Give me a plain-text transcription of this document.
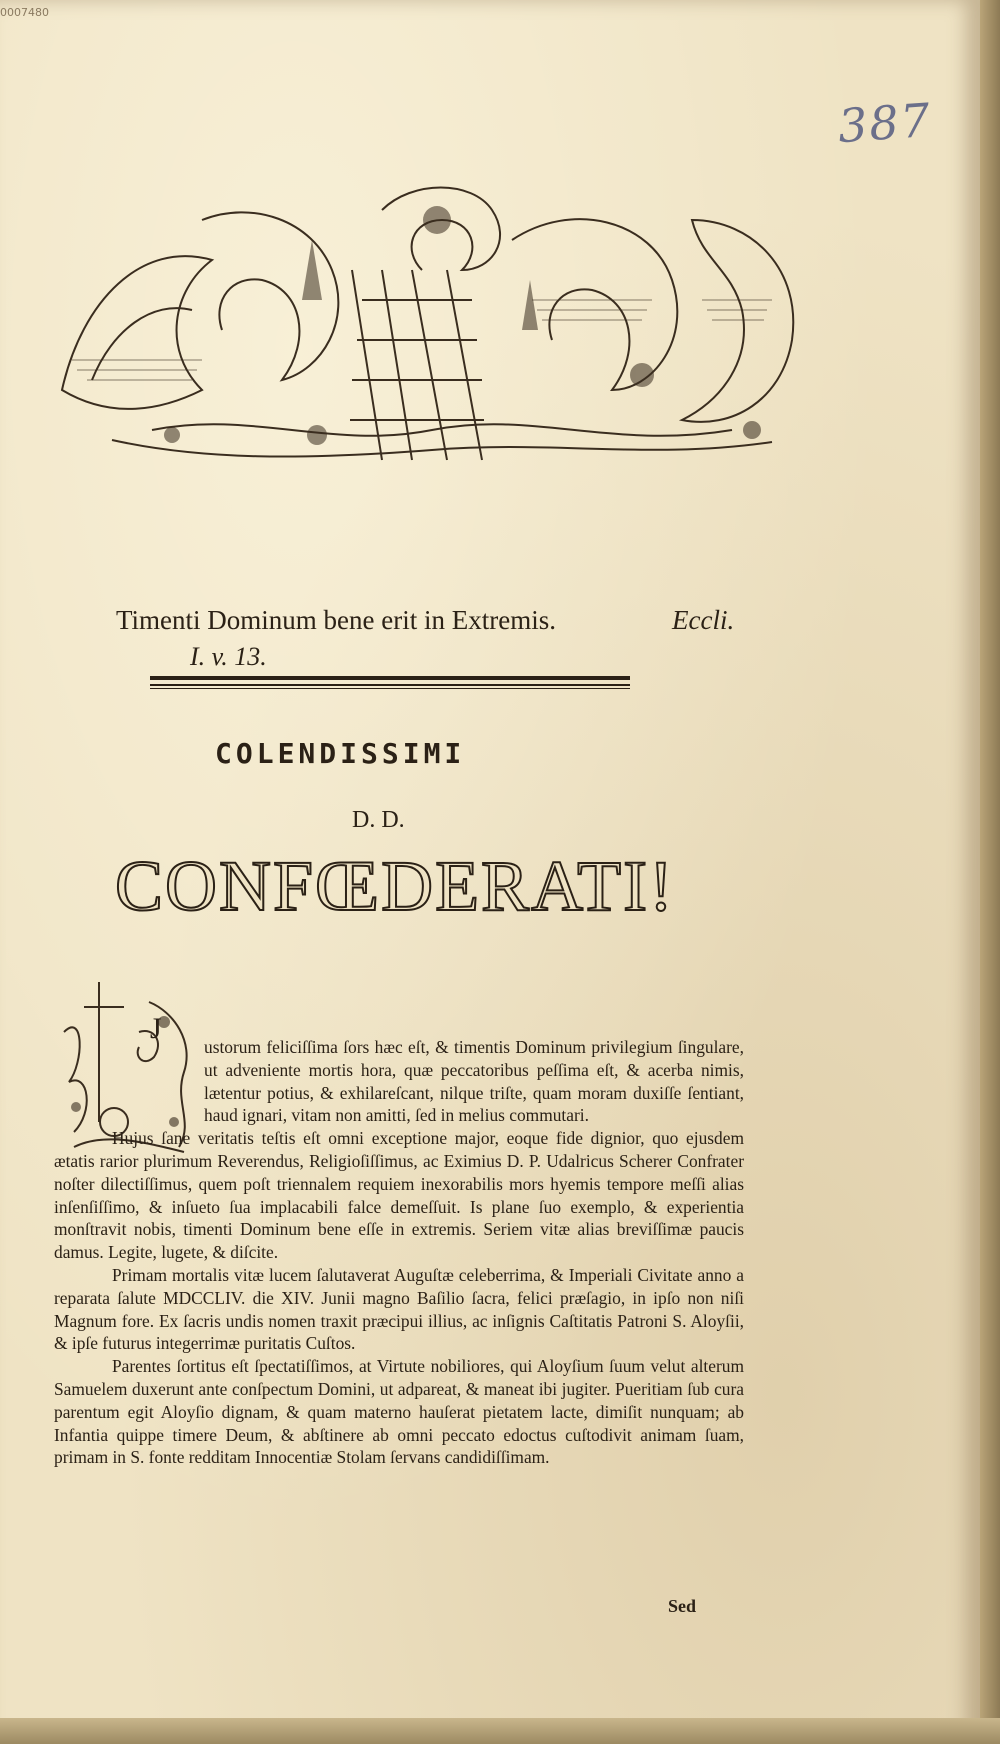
0007480
387
Timenti Dominum bene erit in Extremis.	Eccli.
I. v. 13.
COLENDISSIMI
D. D.
CONFŒDERATI!
J

ustorum feliciſſima ſors hæc eſt, & timentis Dominum privilegium ſingulare, ut adveniente mortis hora, quæ peccatoribus peſſima eſt, & acerba nimis, lætentur potius, & exhilareſcant, nilque triſte, quam moram duxiſſe ſentiant, haud ignari, vitam non amitti, ſed in melius commutari.

Hujus ſane veritatis teſtis eſt omni exceptione major, eoque fide dignior, quo ejusdem ætatis rarior plurimum Reverendus, Religioſiſſimus, ac Eximius D. P. Udalricus Scherer Confrater noſter dilectiſſimus, quem poſt triennalem requiem inexorabilis mors hyemis tempore meſſi alias inſenſiſſimo, & inſueto ſua implacabili falce demeſſuit. Is plane ſuo exemplo, & experientia monſtravit nobis, timenti Dominum bene eſſe in extremis. Seriem vitæ alias breviſſimæ paucis damus. Legite, lugete, & diſcite.

Primam mortalis vitæ lucem ſalutaverat Auguſtæ celeberrima, & Imperiali Civitate anno a reparata ſalute MDCCLIV. die XIV. Junii magno Baſilio ſacra, felici præſagio, in ipſo non niſi Magnum fore. Ex ſacris undis nomen traxit præcipui illius, ac inſignis Caſtitatis Patroni S. Aloyſii, & ipſe futurus integerrimæ puritatis Cuſtos.

Parentes ſortitus eſt ſpectatiſſimos, at Virtute nobiliores, qui Aloyſium ſuum velut alterum Samuelem duxerunt ante conſpectum Domini, ut adpareat, & maneat ibi jugiter. Pueritiam ſub cura parentum egit Aloyſio dignam, & quam materno hauſerat pietatem lacte, dimiſit nunquam; ab Infantia quippe timere Deum, & abſtinere ab omni peccato edoctus cuſtodivit animam ſuam, primam in S. fonte redditam Innocentiæ Stolam ſervans candidiſſimam.

Sed
